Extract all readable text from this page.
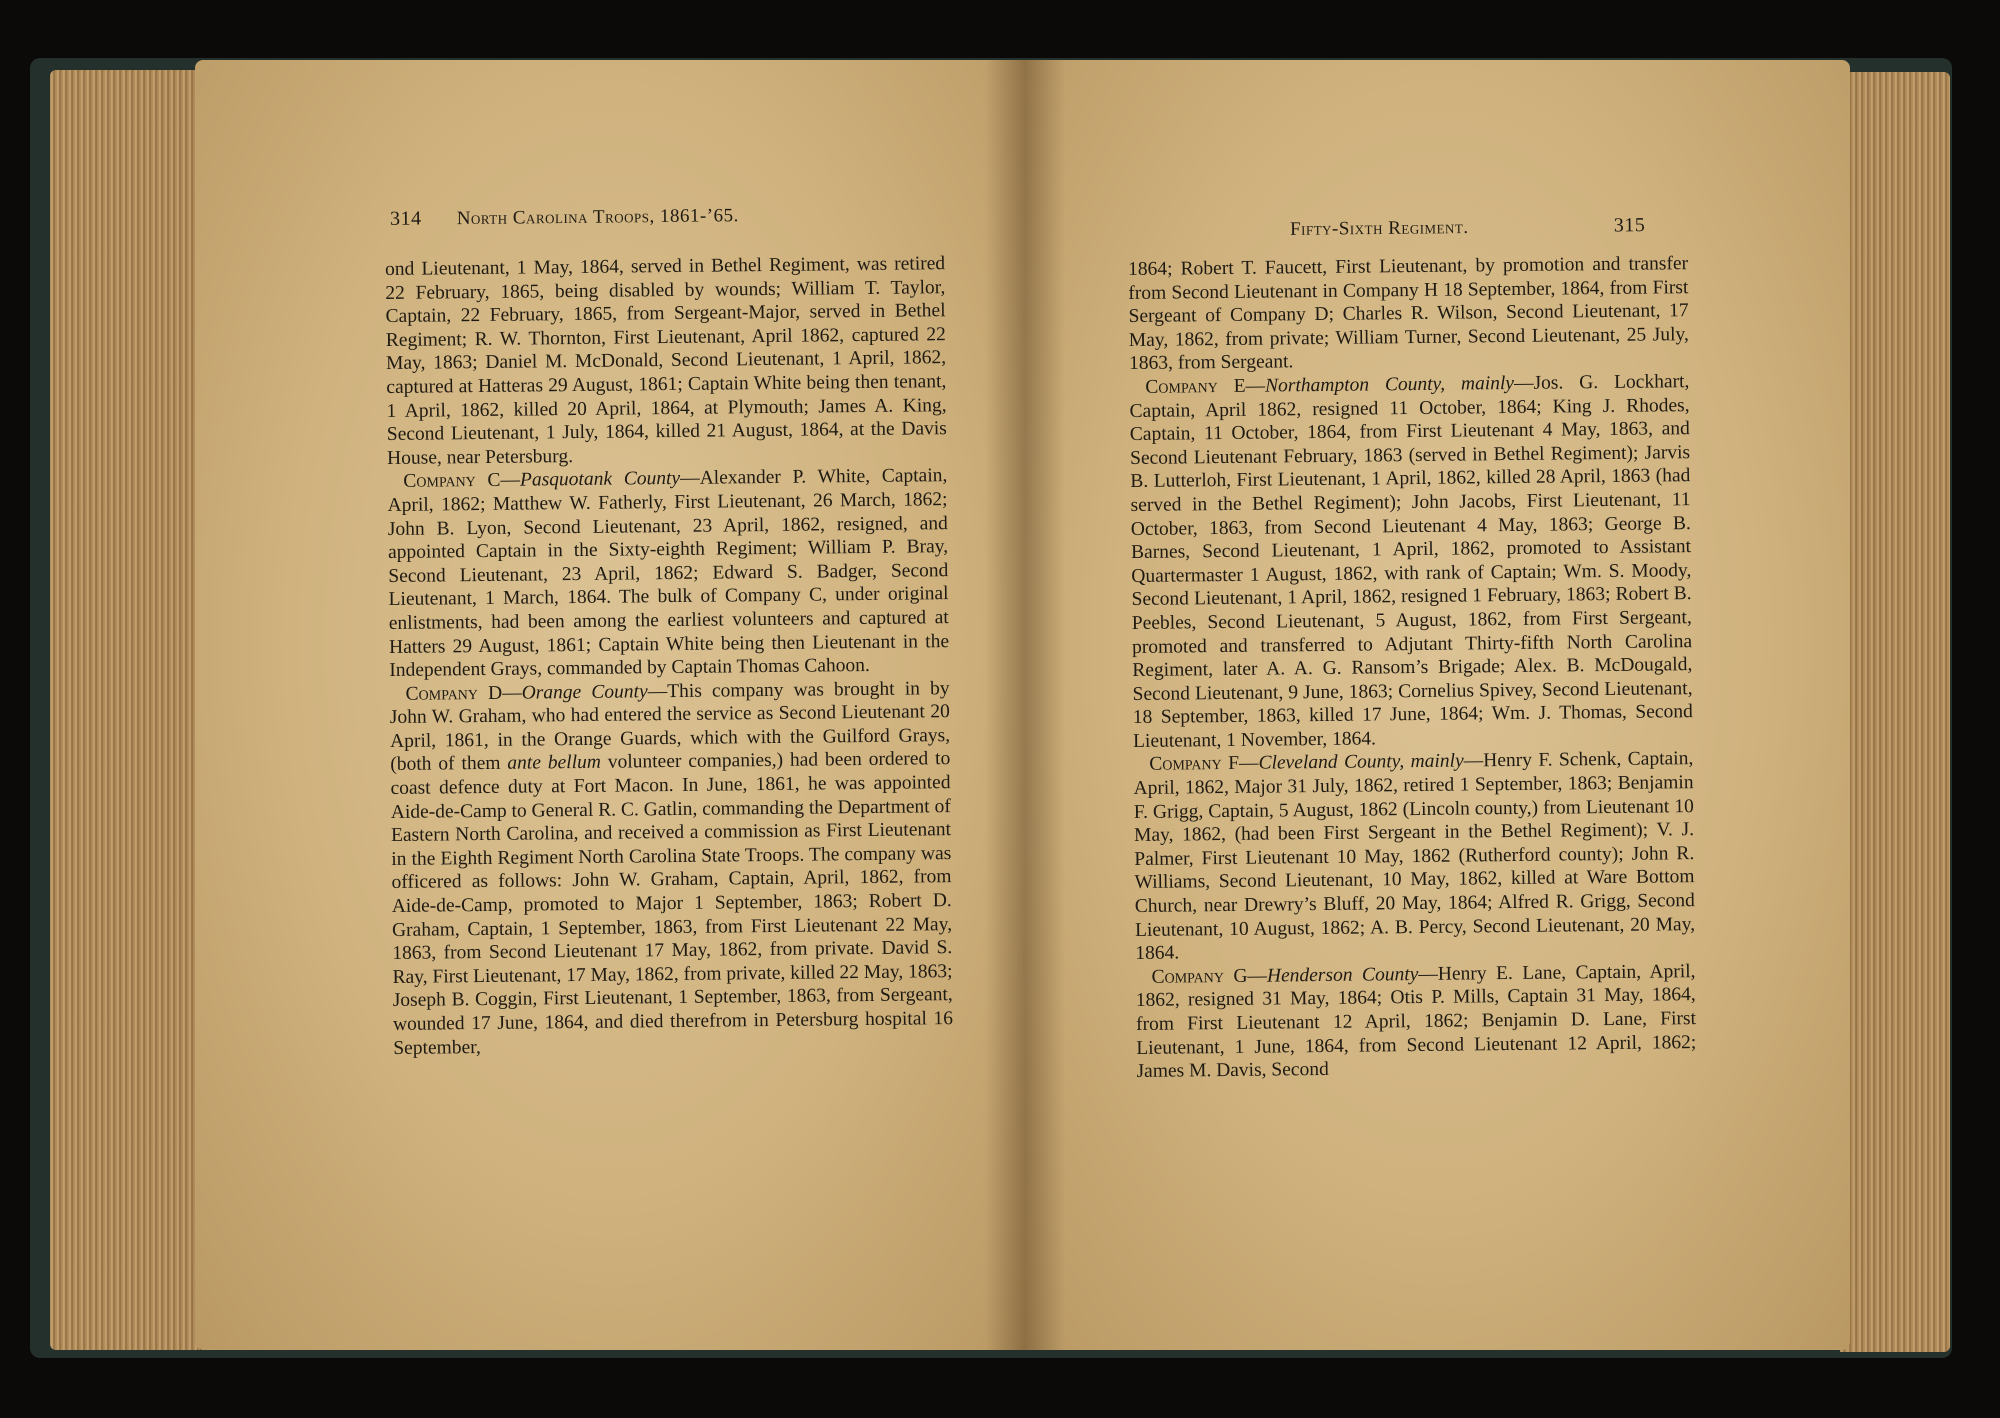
314 North Carolina Troops, 1861-’65.	Fifty-Sixth Regiment.	315

ond Lieutenant, 1 May, 1864, served in Bethel Regiment, was retired 22 February, 1865, being disabled by wounds; William T. Taylor, Captain, 22 February, 1865, from Sergeant-Major, served in Bethel Regiment; R. W. Thornton, First Lieutenant, April 1862, captured 22 May, 1863; Daniel M. McDonald, Second Lieutenant, 1 April, 1862, captured at Hatteras 29 August, 1861; Captain White being then tenant, 1 April, 1862, killed 20 April, 1864, at Plymouth; James A. King, Second Lieutenant, 1 July, 1864, killed 21 August, 1864, at the Davis House, near Petersburg.

Company C—Pasquotank County—Alexander P. White, Captain, April, 1862; Matthew W. Fatherly, First Lieutenant, 26 March, 1862; John B. Lyon, Second Lieutenant, 23 April, 1862, resigned, and appointed Captain in the Sixty-eighth Regiment; William P. Bray, Second Lieutenant, 23 April, 1862; Edward S. Badger, Second Lieutenant, 1 March, 1864. The bulk of Company C, under original enlistments, had been among the earliest volunteers and captured at Hatters 29 August, 1861; Captain White being then Lieutenant in the Independent Grays, commanded by Captain Thomas Cahoon.

Company D—Orange County—This company was brought in by John W. Graham, who had entered the service as Second Lieutenant 20 April, 1861, in the Orange Guards, which with the Guilford Grays, (both of them ante bellum volunteer companies,) had been ordered to coast defence duty at Fort Macon. In June, 1861, he was appointed Aide-de-Camp to General R. C. Gatlin, commanding the Department of Eastern North Carolina, and received a commission as First Lieutenant in the Eighth Regiment North Carolina State Troops. The company was officered as follows: John W. Graham, Captain, April, 1862, from Aide-de-Camp, promoted to Major 1 September, 1863; Robert D. Graham, Captain, 1 September, 1863, from First Lieutenant 22 May, 1863, from Second Lieutenant 17 May, 1862, from private. David S. Ray, First Lieutenant, 17 May, 1862, from private, killed 22 May, 1863; Joseph B. Coggin, First Lieutenant, 1 September, 1863, from Sergeant, wounded 17 June, 1864, and died therefrom in Petersburg hospital 16 September,

1864; Robert T. Faucett, First Lieutenant, by promotion and transfer from Second Lieutenant in Company H 18 September, 1864, from First Sergeant of Company D; Charles R. Wilson, Second Lieutenant, 17 May, 1862, from private; William Turner, Second Lieutenant, 25 July, 1863, from Sergeant.

Company E—Northampton County, mainly—Jos. G. Lockhart, Captain, April 1862, resigned 11 October, 1864; King J. Rhodes, Captain, 11 October, 1864, from First Lieutenant 4 May, 1863, and Second Lieutenant February, 1863 (served in Bethel Regiment); Jarvis B. Lutterloh, First Lieutenant, 1 April, 1862, killed 28 April, 1863 (had served in the Bethel Regiment); John Jacobs, First Lieutenant, 11 October, 1863, from Second Lieutenant 4 May, 1863; George B. Barnes, Second Lieutenant, 1 April, 1862, promoted to Assistant Quartermaster 1 August, 1862, with rank of Captain; Wm. S. Moody, Second Lieutenant, 1 April, 1862, resigned 1 February, 1863; Robert B. Peebles, Second Lieutenant, 5 August, 1862, from First Sergeant, promoted and transferred to Adjutant Thirty-fifth North Carolina Regiment, later A. A. G. Ransom’s Brigade; Alex. B. McDougald, Second Lieutenant, 9 June, 1863; Cornelius Spivey, Second Lieutenant, 18 September, 1863, killed 17 June, 1864; Wm. J. Thomas, Second Lieutenant, 1 November, 1864.

Company F—Cleveland County, mainly—Henry F. Schenk, Captain, April, 1862, Major 31 July, 1862, retired 1 September, 1863; Benjamin F. Grigg, Captain, 5 August, 1862 (Lincoln county,) from Lieutenant 10 May, 1862, (had been First Sergeant in the Bethel Regiment); V. J. Palmer, First Lieutenant 10 May, 1862 (Rutherford county); John R. Williams, Second Lieutenant, 10 May, 1862, killed at Ware Bottom Church, near Drewry’s Bluff, 20 May, 1864; Alfred R. Grigg, Second Lieutenant, 10 August, 1862; A. B. Percy, Second Lieutenant, 20 May, 1864.

Company G—Henderson County—Henry E. Lane, Captain, April, 1862, resigned 31 May, 1864; Otis P. Mills, Captain 31 May, 1864, from First Lieutenant 12 April, 1862; Benjamin D. Lane, First Lieutenant, 1 June, 1864, from Second Lieutenant 12 April, 1862; James M. Davis, Second
